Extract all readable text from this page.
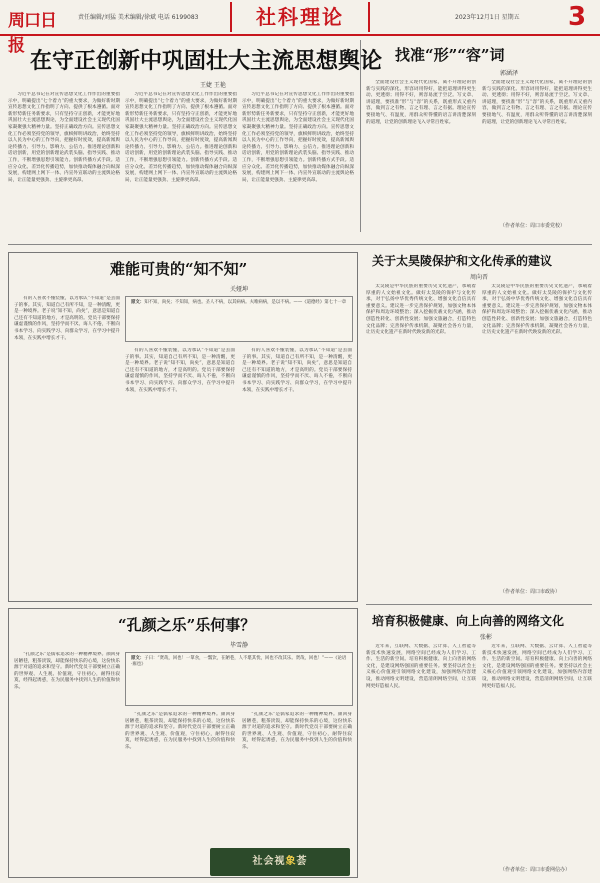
周口日报
责任编辑/刘猛 美术编辑/徐斌 电话 6199083	社科理论	2023年12月1日 星期五 3
在守正创新中巩固壮大主流思想舆论
王婕 王艳

习近平总书记在对宣传思想文化工作作出的重要指示中，明确提出“七个着力”的重大要求，为做好新时期宣传思想文化工作指明了方向、提供了根本遵循。面对新形势新任务新要求，只有坚持守正创新，才能更好地巩固壮大主流思想舆论，为全面建设社会主义现代化国家凝聚强大精神力量。坚持正确政治方向。宣传思想文化工作必须坚持党的领导，旗帜鲜明讲政治，始终坚持以人民为中心的工作导向，把握好时度效，提高新闻舆论传播力、引导力、影响力、公信力。推进理论创新和话语创新，用党的创新理论武装头脑、指导实践、推动工作，不断增强思想引领能力。创新传播方式手段。适应分众化、差异化传播趋势，加快推动媒体融合向纵深发展，构建网上网下一体、内宣外宣联动的主流舆论格局，让正能量更强劲、主旋律更高昂。

习近平总书记在对宣传思想文化工作作出的重要指示中，明确提出“七个着力”的重大要求，为做好新时期宣传思想文化工作指明了方向、提供了根本遵循。面对新形势新任务新要求，只有坚持守正创新，才能更好地巩固壮大主流思想舆论，为全面建设社会主义现代化国家凝聚强大精神力量。坚持正确政治方向。宣传思想文化工作必须坚持党的领导，旗帜鲜明讲政治，始终坚持以人民为中心的工作导向，把握好时度效，提高新闻舆论传播力、引导力、影响力、公信力。推进理论创新和话语创新，用党的创新理论武装头脑、指导实践、推动工作，不断增强思想引领能力。创新传播方式手段。适应分众化、差异化传播趋势，加快推动媒体融合向纵深发展，构建网上网下一体、内宣外宣联动的主流舆论格局，让正能量更强劲、主旋律更高昂。

习近平总书记在对宣传思想文化工作作出的重要指示中，明确提出“七个着力”的重大要求，为做好新时期宣传思想文化工作指明了方向、提供了根本遵循。面对新形势新任务新要求，只有坚持守正创新，才能更好地巩固壮大主流思想舆论，为全面建设社会主义现代化国家凝聚强大精神力量。坚持正确政治方向。宣传思想文化工作必须坚持党的领导，旗帜鲜明讲政治，始终坚持以人民为中心的工作导向，把握好时度效，提高新闻舆论传播力、引导力、影响力、公信力。推进理论创新和话语创新，用党的创新理论武装头脑、指导实践、推动工作，不断增强思想引领能力。创新传播方式手段。适应分众化、差异化传播趋势，加快推动媒体融合向纵深发展，构建网上网下一体、内宣外宣联动的主流舆论格局，让正能量更强劲、主旋律更高昂。

找准“形”“容”词
郭涵泽

全面建设社会主义现代化国家，离不开理论的创新与实践的深化。形容词用得好，能把道理讲得更生动、更透彻；用得不好，则容易流于空泛。写文章、讲道理，要找准“形”与“容”的关系，既重形式又重内容，做到言之有物、言之有理、言之有据。理论宣传要接地气、有温度，用群众听得懂的语言讲清楚深刻的道理，让党的创新理论飞入寻常百姓家。

全面建设社会主义现代化国家，离不开理论的创新与实践的深化。形容词用得好，能把道理讲得更生动、更透彻；用得不好，则容易流于空泛。写文章、讲道理，要找准“形”与“容”的关系，既重形式又重内容，做到言之有物、言之有理、言之有据。理论宣传要接地气、有温度，用群众听得懂的语言讲清楚深刻的道理，让党的创新理论飞入寻常百姓家。

（作者单位：周口市委党校）
关于太昊陵保护和文化传承的建议
周向晋

太昊陵是中华民族的重要历史文化遗产，承载着厚重的人文始祖文化。做好太昊陵的保护与文化传承，对于弘扬中华优秀传统文化、增强文化自信具有重要意义。建议进一步完善保护规划，加强文物本体保护和周边环境整治；深入挖掘伏羲文化内涵，推动创造性转化、创新性发展；加强文旅融合，打造特色文化品牌；完善保护传承机制，凝聚社会各方力量，让历史文化遗产在新时代焕发新的光彩。

太昊陵是中华民族的重要历史文化遗产，承载着厚重的人文始祖文化。做好太昊陵的保护与文化传承，对于弘扬中华优秀传统文化、增强文化自信具有重要意义。建议进一步完善保护规划，加强文物本体保护和周边环境整治；深入挖掘伏羲文化内涵，推动创造性转化、创新性发展；加强文旅融合，打造特色文化品牌；完善保护传承机制，凝聚社会各方力量，让历史文化遗产在新时代焕发新的光彩。

（作者单位：周口市政协）
难能可贵的“知不知”
关娅坤

有的人喜欢不懂装懂，以为承认“不知道”是丢面子的事。其实，知道自己有所不知，是一种清醒，更是一种境界。老子说“知不知，尚矣”，意思是知道自己还有不知道的地方，才是高明的。党员干部要保持谦虚谨慎的作风，坚持学而不厌、诲人不倦，不断向书本学习、向实践学习、向群众学习，在学习中提升本领，在实践中增长才干。

原文：知不知，尚矣；不知知，病也。圣人不病，以其病病。夫唯病病，是以不病。——《道德经》第七十一章

有的人喜欢不懂装懂，以为承认“不知道”是丢面子的事。其实，知道自己有所不知，是一种清醒，更是一种境界。老子说“知不知，尚矣”，意思是知道自己还有不知道的地方，才是高明的。党员干部要保持谦虚谨慎的作风，坚持学而不厌、诲人不倦，不断向书本学习、向实践学习、向群众学习，在学习中提升本领，在实践中增长才干。

有的人喜欢不懂装懂，以为承认“不知道”是丢面子的事。其实，知道自己有所不知，是一种清醒，更是一种境界。老子说“知不知，尚矣”，意思是知道自己还有不知道的地方，才是高明的。党员干部要保持谦虚谨慎的作风，坚持学而不厌、诲人不倦，不断向书本学习、向实践学习、向群众学习，在学习中提升本领，在实践中增长才干。

“孔颜之乐”乐何事？
毕雪静

“孔颜之乐”是儒家追求的一种精神境界。颜回身居陋巷，粗茶淡饭，却能保持快乐的心境，这份快乐源于对道的追求和坚守。新时代党员干部要树立正确的世界观、人生观、价值观，守住初心，耐得住寂寞，经得起诱惑，在为民服务中找到人生的价值和快乐。

原文：子曰：“贤哉，回也！一箪食，一瓢饮，在陋巷，人不堪其忧，回也不改其乐。贤哉，回也！”——《论语·雍也》

“孔颜之乐”是儒家追求的一种精神境界。颜回身居陋巷，粗茶淡饭，却能保持快乐的心境，这份快乐源于对道的追求和坚守。新时代党员干部要树立正确的世界观、人生观、价值观，守住初心，耐得住寂寞，经得起诱惑，在为民服务中找到人生的价值和快乐。

“孔颜之乐”是儒家追求的一种精神境界。颜回身居陋巷，粗茶淡饭，却能保持快乐的心境，这份快乐源于对道的追求和坚守。新时代党员干部要树立正确的世界观、人生观、价值观，守住初心，耐得住寂寞，经得起诱惑，在为民服务中找到人生的价值和快乐。

培育积极健康、向上向善的网络文化
张彬

近年来，互联网、大数据、云计算、人工智能等新技术快速发展，网络空间已经成为人们学习、工作、生活的新空间。培育积极健康、向上向善的网络文化，是建设网络强国的重要任务。要坚持以社会主义核心价值观引领网络文化建设，加强网络内容建设，推动网络文明建设，营造清朗网络空间，让互联网更好造福人民。

近年来，互联网、大数据、云计算、人工智能等新技术快速发展，网络空间已经成为人们学习、工作、生活的新空间。培育积极健康、向上向善的网络文化，是建设网络强国的重要任务。要坚持以社会主义核心价值观引领网络文化建设，加强网络内容建设，推动网络文明建设，营造清朗网络空间，让互联网更好造福人民。

（作者单位：周口市委网信办）
社会视象荟
